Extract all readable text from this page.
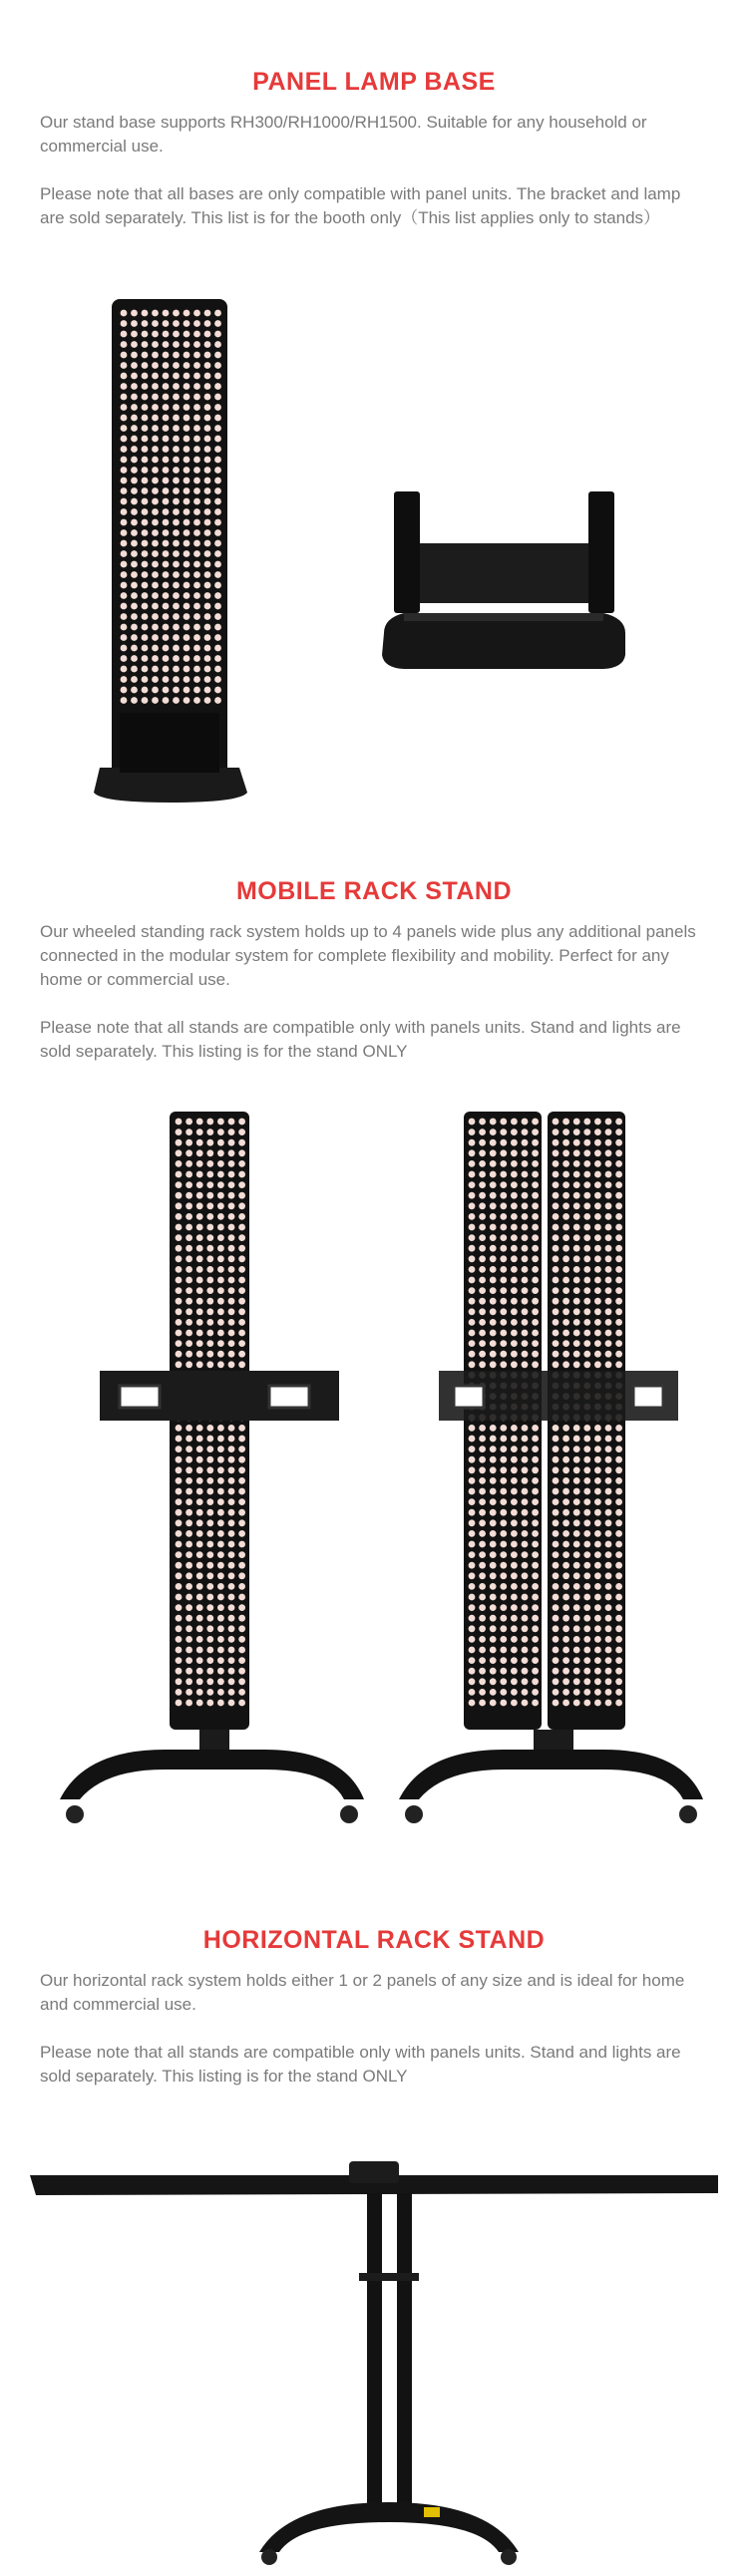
PANEL LAMP BASE

Our stand base supports RH300/RH1000/RH1500. Suitable for any household or commercial use.

Please note that all bases are only compatible with panel units. The bracket and lamp are sold separately. This list is for the booth only（This list applies only to stands）

MOBILE RACK STAND

Our wheeled standing rack system holds up to 4 panels wide plus any additional panels connected in the modular system for complete flexibility and mobility. Perfect for any home or commercial use.

Please note that all stands are compatible only with panels units. Stand and lights are sold separately. This listing is for the stand ONLY

HORIZONTAL RACK STAND

Our horizontal rack system holds either 1 or 2 panels of any size and is ideal for home and commercial use.

Please note that all stands are compatible only with panels units. Stand and lights are sold separately. This listing is for the stand ONLY
